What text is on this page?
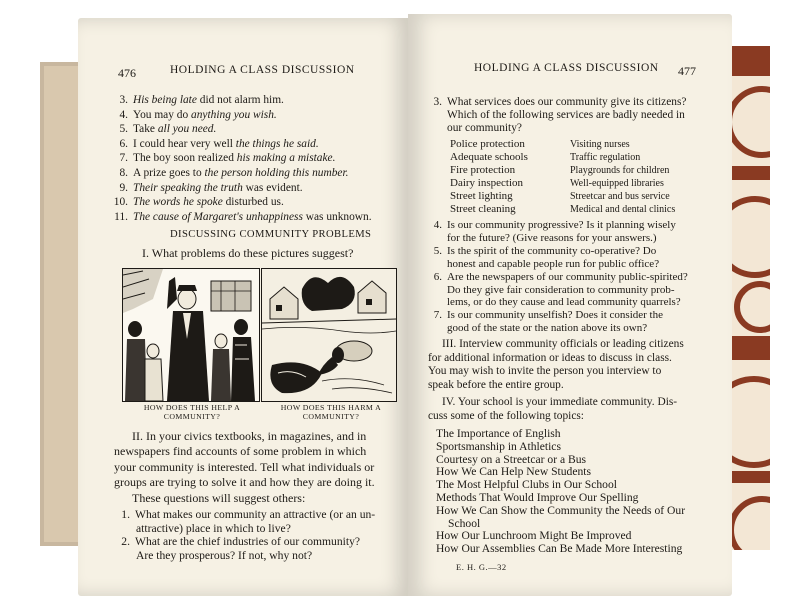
476	HOLDING A CLASS DISCUSSION
3. His being late did not alarm him.
4. You may do anything you wish.
5. Take all you need.
6. I could hear very well the things he said.
7. The boy soon realized his making a mistake.
8. A prize goes to the person holding this number.
9. Their speaking the truth was evident.
10. The words he spoke disturbed us.
11. The cause of Margaret's unhappiness was unknown.
DISCUSSING COMMUNITY PROBLEMS
I. What problems do these pictures suggest?
HOW DOES THIS HELP A
COMMUNITY?
HOW DOES THIS HARM A
COMMUNITY?
II. In your civics textbooks, in magazines, and in
newspapers find accounts of some problem in which
your community is interested. Tell what individuals or
groups are trying to solve it and how they are doing it.
These questions will suggest others:
1. What makes our community an attractive (or an un-
attractive) place in which to live?
2. What are the chief industries of our community?
Are they prosperous? If not, why not?
HOLDING A CLASS DISCUSSION 477
3. What services does our community give its citizens?
Which of the following services are badly needed in
our community?
Police protection
Adequate schools
Fire protection
Dairy inspection
Street lighting
Street cleaning
Visiting nurses
Traffic regulation
Playgrounds for children
Well-equipped libraries
Streetcar and bus service
Medical and dental clinics
4. Is our community progressive? Is it planning wisely
for the future? (Give reasons for your answers.)
5. Is the spirit of the community co-operative? Do
honest and capable people run for public office?
6. Are the newspapers of our community public-spirited?
Do they give fair consideration to community prob-
lems, or do they cause and lead community quarrels?
7. Is our community unselfish? Does it consider the
good of the state or the nation above its own?
III. Interview community officials or leading citizens
for additional information or ideas to discuss in class.
You may wish to invite the person you interview to
speak before the entire group.
IV. Your school is your immediate community. Dis-
cuss some of the following topics:
The Importance of English
Sportsmanship in Athletics
Courtesy on a Streetcar or a Bus
How We Can Help New Students
The Most Helpful Clubs in Our School
Methods That Would Improve Our Spelling
How We Can Show the Community the Needs of Our
School
How Our Lunchroom Might Be Improved
How Our Assemblies Can Be Made More Interesting
E. H. G.—32
